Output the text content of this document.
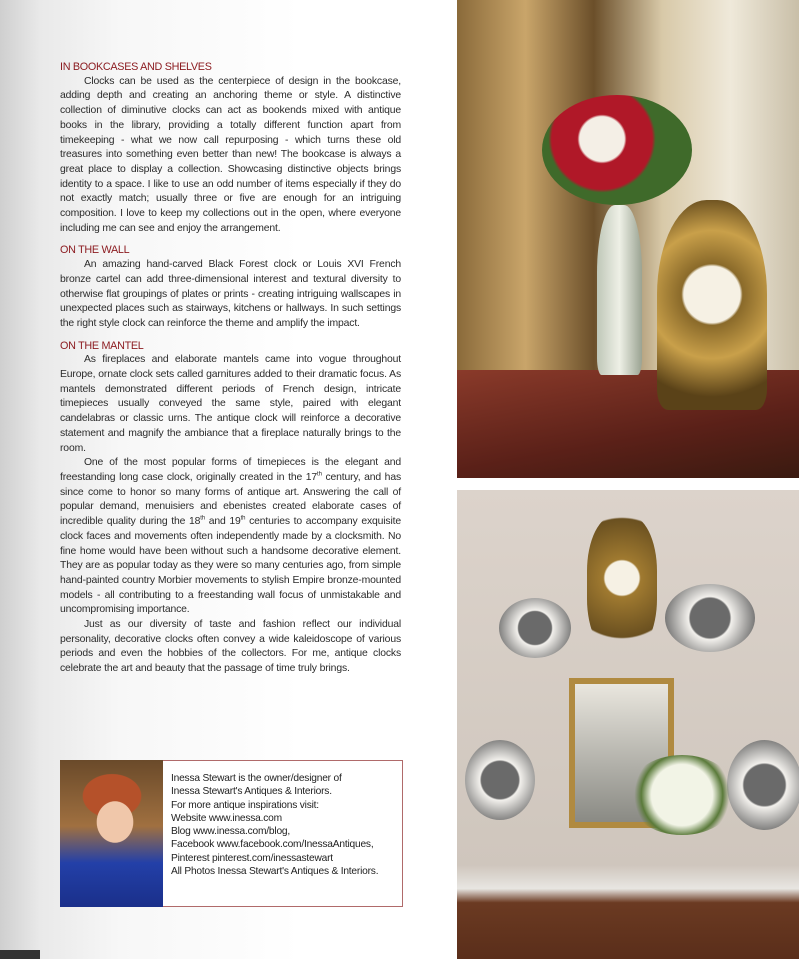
IN BOOKCASES AND SHELVES

Clocks can be used as the centerpiece of design in the bookcase, adding depth and creating an anchoring theme or style. A distinctive collection of diminutive clocks can act as bookends mixed with antique books in the library, providing a totally different function apart from timekeeping - what we now call repurposing - which turns these old treasures into something even better than new! The bookcase is always a great place to display a collection. Showcasing distinctive objects brings identity to a space. I like to use an odd number of items especially if they do not exactly match; usually three or five are enough for an intriguing composition. I love to keep my collections out in the open, where everyone including me can see and enjoy the arrangement.

ON THE WALL

An amazing hand-carved Black Forest clock or Louis XVI French bronze cartel can add three-dimensional interest and textural diversity to otherwise flat groupings of plates or prints - creating intriguing wallscapes in unexpected places such as stairways, kitchens or hallways. In such settings the right style clock can reinforce the theme and amplify the impact.

ON THE MANTEL

As fireplaces and elaborate mantels came into vogue throughout Europe, ornate clock sets called garnitures added to their dramatic focus. As mantels demonstrated different periods of French design, intricate timepieces usually conveyed the same style, paired with elegant candelabras or classic urns. The antique clock will reinforce a decorative statement and magnify the ambiance that a fireplace naturally brings to the room.

One of the most popular forms of timepieces is the elegant and freestanding long case clock, originally created in the 17th century, and has since come to honor so many forms of antique art. Answering the call of popular demand, menuisiers and ebenistes created elaborate cases of incredible quality during the 18th and 19th centuries to accompany exquisite clock faces and movements often independently made by a clocksmith. No fine home would have been without such a handsome decorative element. They are as popular today as they were so many centuries ago, from simple hand-painted country Morbier movements to stylish Empire bronze-mounted models - all contributing to a freestanding wall focus of unmistakable and uncompromising importance.

Just as our diversity of taste and fashion reflect our individual personality, decorative clocks often convey a wide kaleidoscope of various periods and even the hobbies of the collectors. For me, antique clocks celebrate the art and beauty that the passage of time truly brings.

Inessa Stewart is the owner/designer of
Inessa Stewart's Antiques & Interiors.
For more antique inspirations visit:
Website www.inessa.com
Blog www.inessa.com/blog,
Facebook www.facebook.com/InessaAntiques,
Pinterest pinterest.com/inessastewart
All Photos Inessa Stewart's Antiques & Interiors.
